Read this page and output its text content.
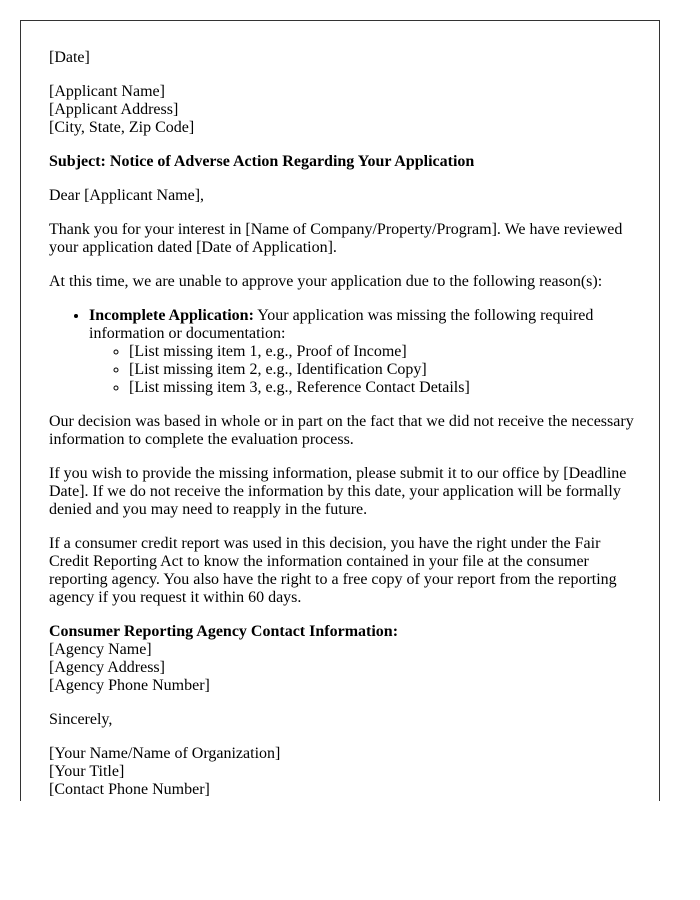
[Date]

[Applicant Name]
[Applicant Address]
[City, State, Zip Code]

Subject: Notice of Adverse Action Regarding Your Application

Dear [Applicant Name],

Thank you for your interest in [Name of Company/Property/Program]. We have reviewed your application dated [Date of Application].

At this time, we are unable to approve your application due to the following reason(s):

• Incomplete Application: Your application was missing the following required information or documentation:
◦ [List missing item 1, e.g., Proof of Income]
◦ [List missing item 2, e.g., Identification Copy]
◦ [List missing item 3, e.g., Reference Contact Details]

Our decision was based in whole or in part on the fact that we did not receive the necessary information to complete the evaluation process.

If you wish to provide the missing information, please submit it to our office by [Deadline Date]. If we do not receive the information by this date, your application will be formally denied and you may need to reapply in the future.

If a consumer credit report was used in this decision, you have the right under the Fair Credit Reporting Act to know the information contained in your file at the consumer reporting agency. You also have the right to a free copy of your report from the reporting agency if you request it within 60 days.

Consumer Reporting Agency Contact Information:
[Agency Name]
[Agency Address]
[Agency Phone Number]

Sincerely,

[Your Name/Name of Organization]
[Your Title]
[Contact Phone Number]
